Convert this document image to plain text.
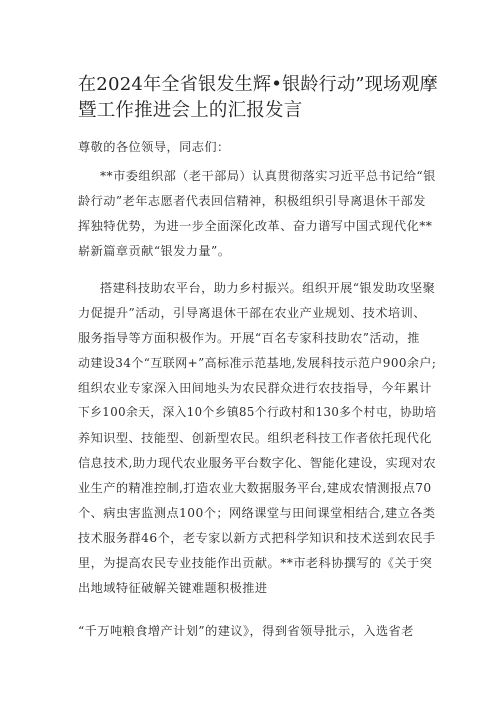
在2024年全省银发生辉•银龄行动”现场观摩
暨工作推进会上的汇报发言
尊敬的各位领导，同志们：
**市委组织部（老干部局）认真贯彻落实习近平总书记给“银
龄行动”老年志愿者代表回信精神，积极组织引导离退休干部发
挥独特优势，为进一步全面深化改革、奋力谱写中国式现代化**
崭新篇章贡献“银发力量”。
搭建科技助农平台，助力乡村振兴。组织开展“银发助攻坚聚
力促提升”活动，引导离退休干部在农业产业规划、技术培训、
服务指导等方面积极作为。开展“百名专家科技助农”活动，推
动建设34个“互联网+”高标准示范基地,发展科技示范户900余户;
组织农业专家深入田间地头为农民群众进行农技指导，今年累计
下乡100余天，深入10个乡镇85个行政村和130多个村屯，协助培
养知识型、技能型、创新型农民。组织老科技工作者依托现代化
信息技术,助力现代农业服务平台数字化、智能化建设，实现对农
业生产的精准控制,打造农业大数据服务平台,建成农情测报点70
个、病虫害监测点100个；网络课堂与田间课堂相结合,建立各类
技术服务群46个，老专家以新方式把科学知识和技术送到农民手
里，为提高农民专业技能作出贡献。**市老科协撰写的《关于突
出地域特征破解关键难题积极推进
“千万吨粮食增产计划”的建议》，得到省领导批示，入选省老
